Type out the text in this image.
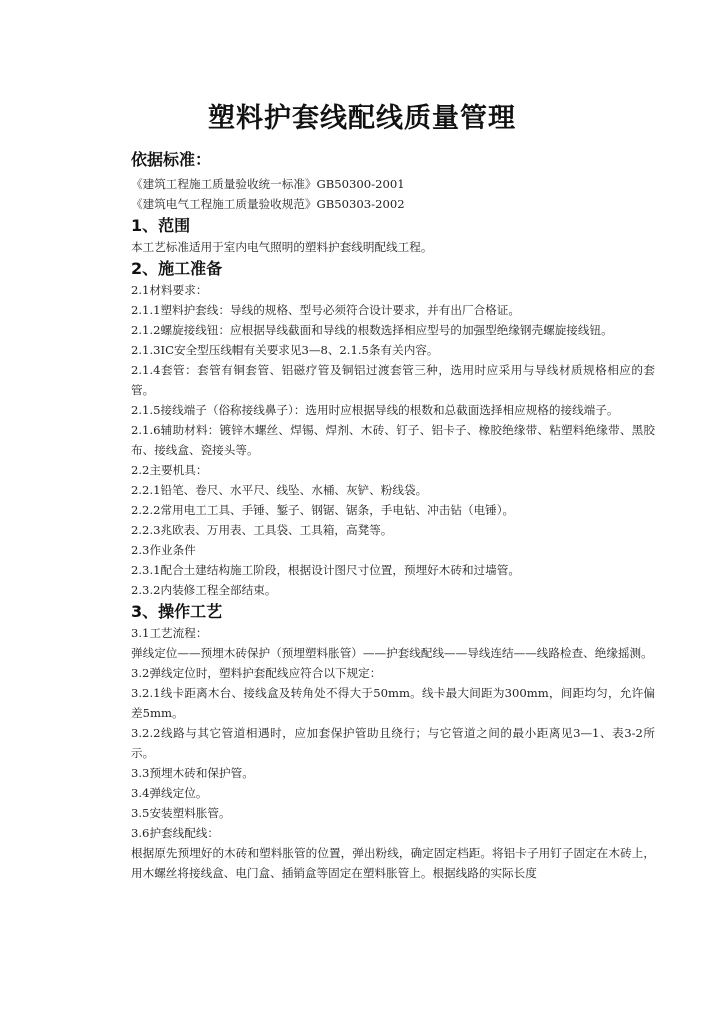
塑料护套线配线质量管理
依据标准：
《建筑工程施工质量验收统一标准》GB50300-2001
《建筑电气工程施工质量验收规范》GB50303-2002
1、范围
本工艺标准适用于室内电气照明的塑料护套线明配线工程。
2、施工准备
2.1材料要求：
2.1.1塑料护套线：导线的规格、型号必须符合设计要求，并有出厂合格证。
2.1.2螺旋接线钮：应根据导线截面和导线的根数选择相应型号的加强型绝缘钢壳螺旋接线钮。
2.1.3IC安全型压线帽有关要求见3—8、2.1.5条有关内容。
2.1.4套管：套管有铜套管、铝磁疗管及铜铝过渡套管三种，选用时应采用与导线材质规格相应的套管。
2.1.5接线端子（俗称接线鼻子）：选用时应根据导线的根数和总截面选择相应规格的接线端子。
2.1.6辅助材料：镀锌木螺丝、焊锡、焊剂、木砖、钉子、铝卡子、橡胶绝缘带、粘塑料绝缘带、黑胶布、接线盒、瓷接头等。
2.2主要机具：
2.2.1铅笔、卷尺、水平尺、线坠、水桶、灰铲、粉线袋。
2.2.2常用电工工具、手锤、錾子、钢锯、锯条，手电钻、冲击钻（电锤）。
2.2.3兆欧表、万用表、工具袋、工具箱，高凳等。
2.3作业条件
2.3.1配合土建结构施工阶段，根据设计图尺寸位置，预埋好木砖和过墙管。
2.3.2内装修工程全部结束。
3、操作工艺
3.1工艺流程：
弹线定位——预埋木砖保护（预埋塑料胀管）——护套线配线——导线连结——线路检查、绝缘摇测。
3.2弹线定位时，塑料护套配线应符合以下规定：
3.2.1线卡距离木台、接线盒及转角处不得大于50mm。线卡最大间距为300mm，间距均匀，允许偏差5mm。
3.2.2线路与其它管道相遇时，应加套保护管助且绕行；与它管道之间的最小距离见3—1、表3-2所示。
3.3预埋木砖和保护管。
3.4弹线定位。
3.5安装塑料胀管。
3.6护套线配线：
根据原先预埋好的木砖和塑料胀管的位置，弹出粉线，确定固定档距。将铝卡子用钉子固定在木砖上，用木螺丝将接线盒、电门盒、插销盒等固定在塑料胀管上。根据线路的实际长度
